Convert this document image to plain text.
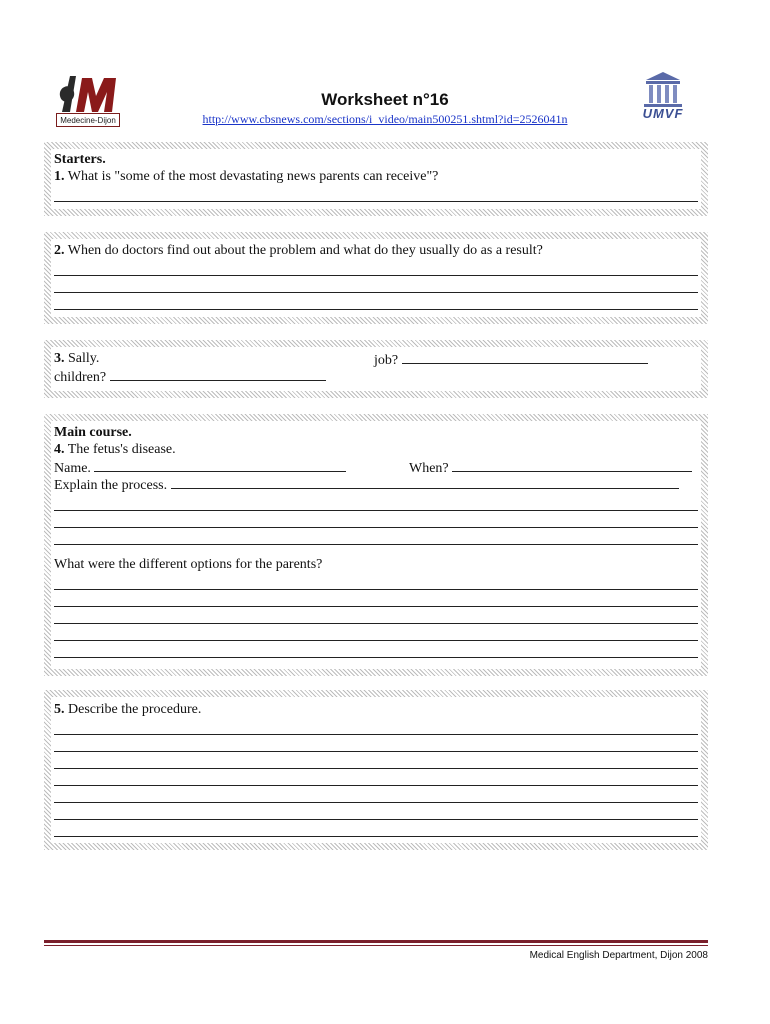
Medecine-Dijon
Worksheet n°16
http://www.cbsnews.com/sections/i_video/main500251.shtml?id=2526041n	UMVF
Starters.
1. What is "some of the most devastating news parents can receive"?
2. When do doctors find out about the problem and what do they usually do as a result?
3. Sally.	job?
children?
Main course.
4. The fetus's disease.
Name.	When?
Explain the process.
What were the different options for the parents?
5. Describe the procedure.
Medical English Department, Dijon 2008
